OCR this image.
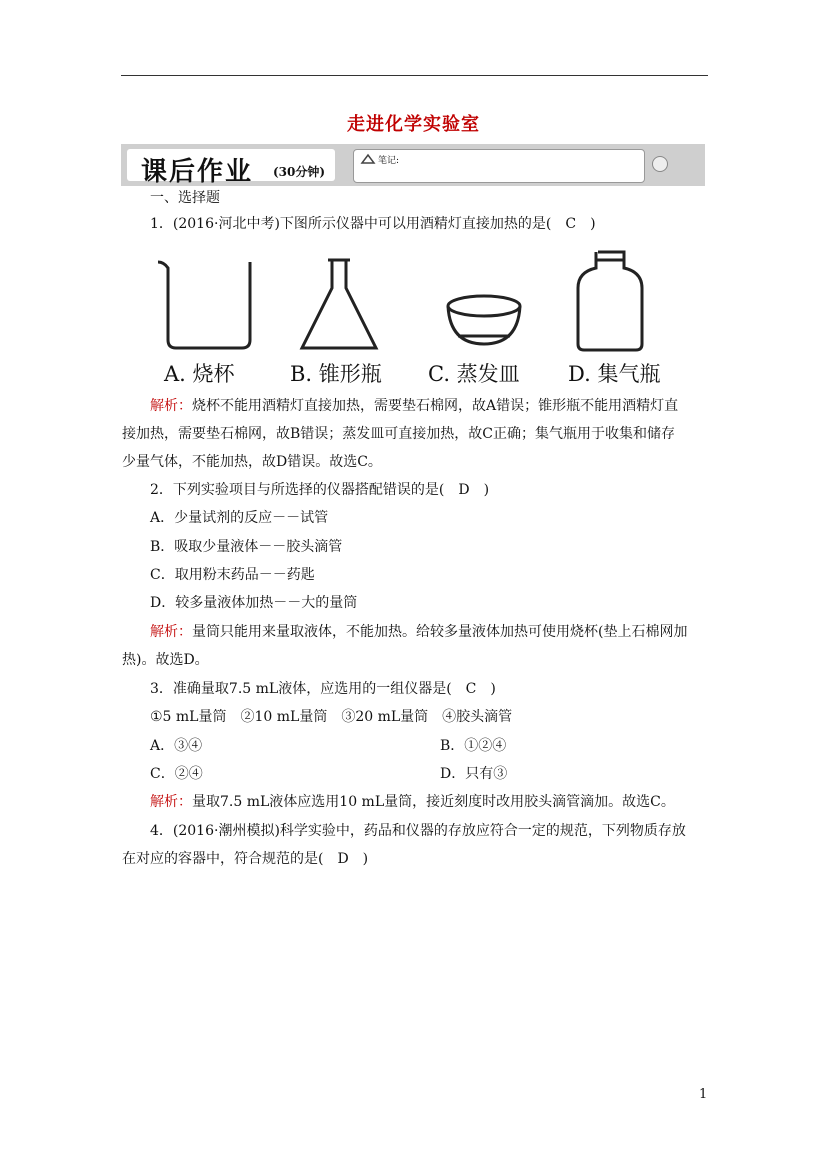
走进化学实验室
课后作业 (30分钟)
笔记:
一、选择题
1．(2016·河北中考)下图所示仪器中可以用酒精灯直接加热的是(　C　)
A. 烧杯	B. 锥形瓶 C. 蒸发皿 D. 集气瓶
解析：烧杯不能用酒精灯直接加热，需要垫石棉网，故A错误；锥形瓶不能用酒精灯直
接加热，需要垫石棉网，故B错误；蒸发皿可直接加热，故C正确；集气瓶用于收集和储存
少量气体，不能加热，故D错误。故选C。
2．下列实验项目与所选择的仪器搭配错误的是(　D　)
A．少量试剂的反应－－试管
B．吸取少量液体－－胶头滴管
C．取用粉末药品－－药匙
D．较多量液体加热－－大的量筒
解析：量筒只能用来量取液体，不能加热。给较多量液体加热可使用烧杯(垫上石棉网加
热)。故选D。
3．准确量取7.5 mL液体，应选用的一组仪器是(　C　)
①5 mL量筒　②10 mL量筒　③20 mL量筒　④胶头滴管
A．③④	B．①②④
C．②④	D．只有③
解析：量取7.5 mL液体应选用10 mL量筒，接近刻度时改用胶头滴管滴加。故选C。
4．(2016·潮州模拟)科学实验中，药品和仪器的存放应符合一定的规范，下列物质存放
在对应的容器中，符合规范的是(　D　)
1
